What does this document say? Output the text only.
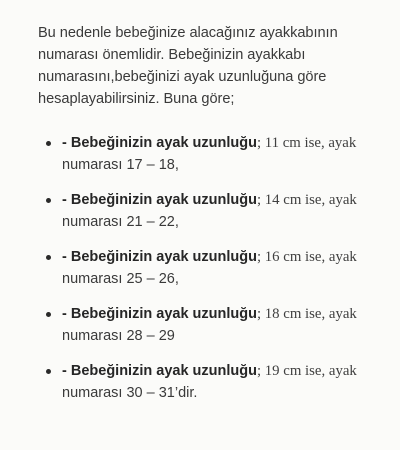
Bu nedenle bebeğinize alacağınız ayakkabının numarası önemlidir. Bebeğinizin ayakkabı numarasını,bebeğinizi ayak uzunluğuna göre hesaplayabilirsiniz. Buna göre;

- Bebeğinizin ayak uzunluğu; 11 cm ise, ayak
numarası 17 – 18,
- Bebeğinizin ayak uzunluğu; 14 cm ise, ayak
numarası 21 – 22,
- Bebeğinizin ayak uzunluğu; 16 cm ise, ayak
numarası 25 – 26,
- Bebeğinizin ayak uzunluğu; 18 cm ise, ayak
numarası 28 – 29
- Bebeğinizin ayak uzunluğu; 19 cm ise, ayak
numarası 30 – 31’dir.
